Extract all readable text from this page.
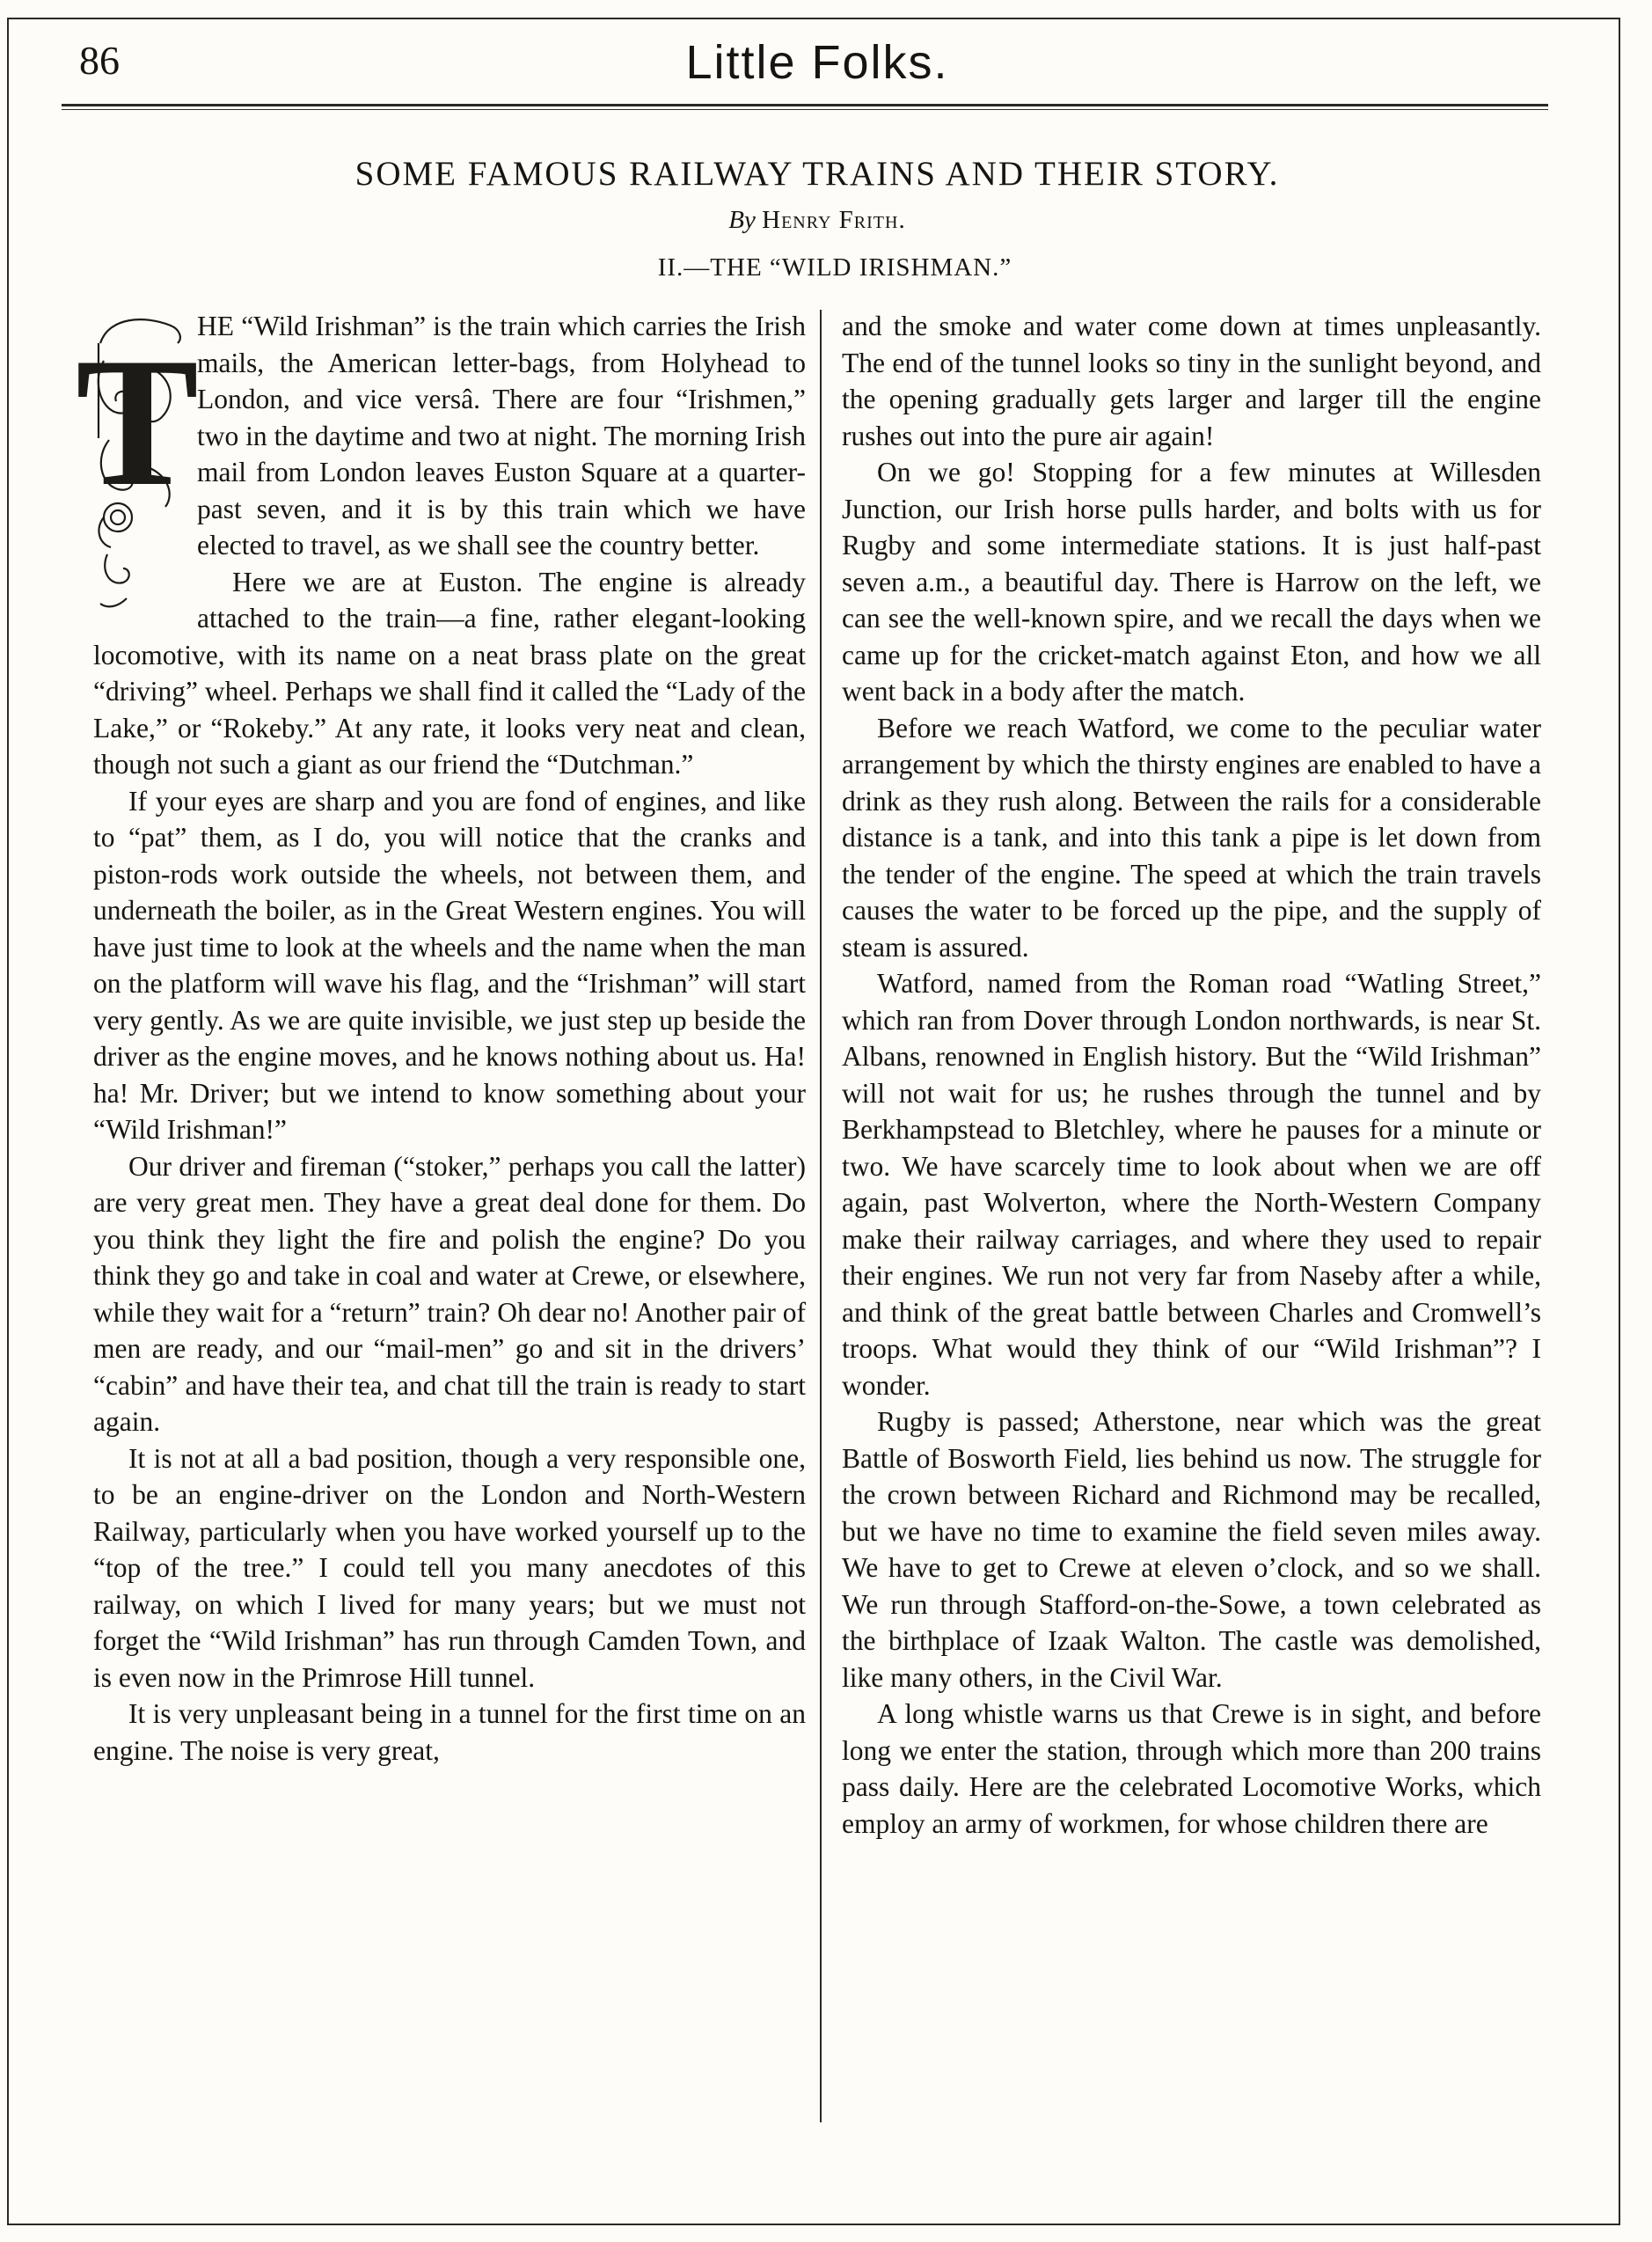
86	Little Folks.
SOME FAMOUS RAILWAY TRAINS AND THEIR STORY.
By Henry Frith.
II.—THE “WILD IRISHMAN.”
T

HE “Wild Irishman” is the train which carries the Irish mails, the American letter-bags, from Holyhead to London, and vice versâ. There are four “Irishmen,” two in the daytime and two at night. The morning Irish mail from London leaves Euston Square at a quarter-past seven, and it is by this train which we have elected to travel, as we shall see the country better.

Here we are at Euston. The engine is already attached to the train—a fine, rather elegant-looking locomotive, with its name on a neat brass plate on the great “driving” wheel. Perhaps we shall find it called the “Lady of the Lake,” or “Rokeby.” At any rate, it looks very neat and clean, though not such a giant as our friend the “Dutchman.”

If your eyes are sharp and you are fond of engines, and like to “pat” them, as I do, you will notice that the cranks and piston-rods work outside the wheels, not between them, and underneath the boiler, as in the Great Western engines. You will have just time to look at the wheels and the name when the man on the platform will wave his flag, and the “Irishman” will start very gently. As we are quite invisible, we just step up beside the driver as the engine moves, and he knows nothing about us. Ha! ha! Mr. Driver; but we intend to know something about your “Wild Irishman!”

Our driver and fireman (“stoker,” perhaps you call the latter) are very great men. They have a great deal done for them. Do you think they light the fire and polish the engine? Do you think they go and take in coal and water at Crewe, or elsewhere, while they wait for a “return” train? Oh dear no! Another pair of men are ready, and our “mail-men” go and sit in the drivers’ “cabin” and have their tea, and chat till the train is ready to start again.

It is not at all a bad position, though a very responsible one, to be an engine-driver on the London and North-Western Railway, particularly when you have worked yourself up to the “top of the tree.” I could tell you many anecdotes of this railway, on which I lived for many years; but we must not forget the “Wild Irishman” has run through Camden Town, and is even now in the Primrose Hill tunnel.

It is very unpleasant being in a tunnel for the first time on an engine. The noise is very great,

and the smoke and water come down at times unpleasantly. The end of the tunnel looks so tiny in the sunlight beyond, and the opening gradually gets larger and larger till the engine rushes out into the pure air again!

On we go! Stopping for a few minutes at Willesden Junction, our Irish horse pulls harder, and bolts with us for Rugby and some intermediate stations. It is just half-past seven a.m., a beautiful day. There is Harrow on the left, we can see the well-known spire, and we recall the days when we came up for the cricket-match against Eton, and how we all went back in a body after the match.

Before we reach Watford, we come to the peculiar water arrangement by which the thirsty engines are enabled to have a drink as they rush along. Between the rails for a considerable distance is a tank, and into this tank a pipe is let down from the tender of the engine. The speed at which the train travels causes the water to be forced up the pipe, and the supply of steam is assured.

Watford, named from the Roman road “Watling Street,” which ran from Dover through London northwards, is near St. Albans, renowned in English history. But the “Wild Irishman” will not wait for us; he rushes through the tunnel and by Berkhampstead to Bletchley, where he pauses for a minute or two. We have scarcely time to look about when we are off again, past Wolverton, where the North-Western Company make their railway carriages, and where they used to repair their engines. We run not very far from Naseby after a while, and think of the great battle between Charles and Cromwell’s troops. What would they think of our “Wild Irishman”? I wonder.

Rugby is passed; Atherstone, near which was the great Battle of Bosworth Field, lies behind us now. The struggle for the crown between Richard and Richmond may be recalled, but we have no time to examine the field seven miles away. We have to get to Crewe at eleven o’clock, and so we shall. We run through Stafford-on-the-Sowe, a town celebrated as the birthplace of Izaak Walton. The castle was demolished, like many others, in the Civil War.

A long whistle warns us that Crewe is in sight, and before long we enter the station, through which more than 200 trains pass daily. Here are the celebrated Locomotive Works, which employ an army of workmen, for whose children there are
